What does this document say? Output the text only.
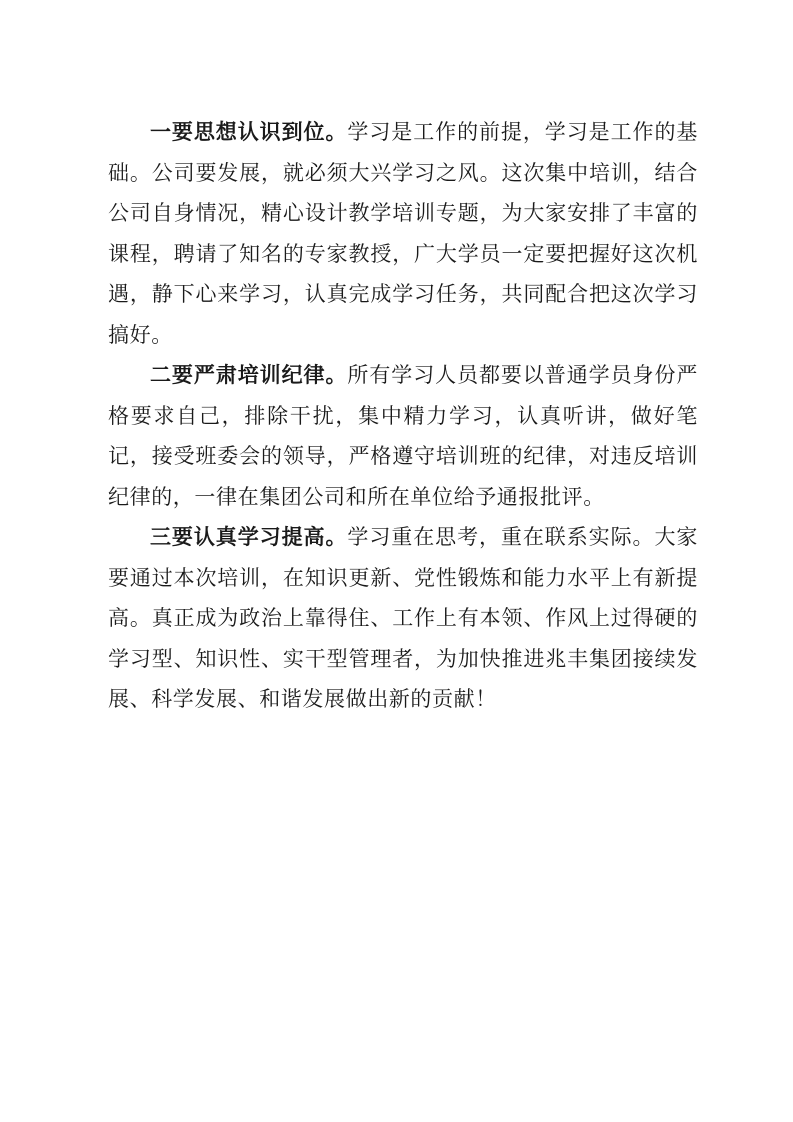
一要思想认识到位。学习是工作的前提，学习是工作的基础。公司要发展，就必须大兴学习之风。这次集中培训，结合公司自身情况，精心设计教学培训专题，为大家安排了丰富的课程，聘请了知名的专家教授，广大学员一定要把握好这次机遇，静下心来学习，认真完成学习任务，共同配合把这次学习搞好。

二要严肃培训纪律。所有学习人员都要以普通学员身份严格要求自己，排除干扰，集中精力学习，认真听讲，做好笔记，接受班委会的领导，严格遵守培训班的纪律，对违反培训纪律的，一律在集团公司和所在单位给予通报批评。

三要认真学习提高。学习重在思考，重在联系实际。大家要通过本次培训，在知识更新、党性锻炼和能力水平上有新提高。真正成为政治上靠得住、工作上有本领、作风上过得硬的学习型、知识性、实干型管理者，为加快推进兆丰集团接续发展、科学发展、和谐发展做出新的贡献！
